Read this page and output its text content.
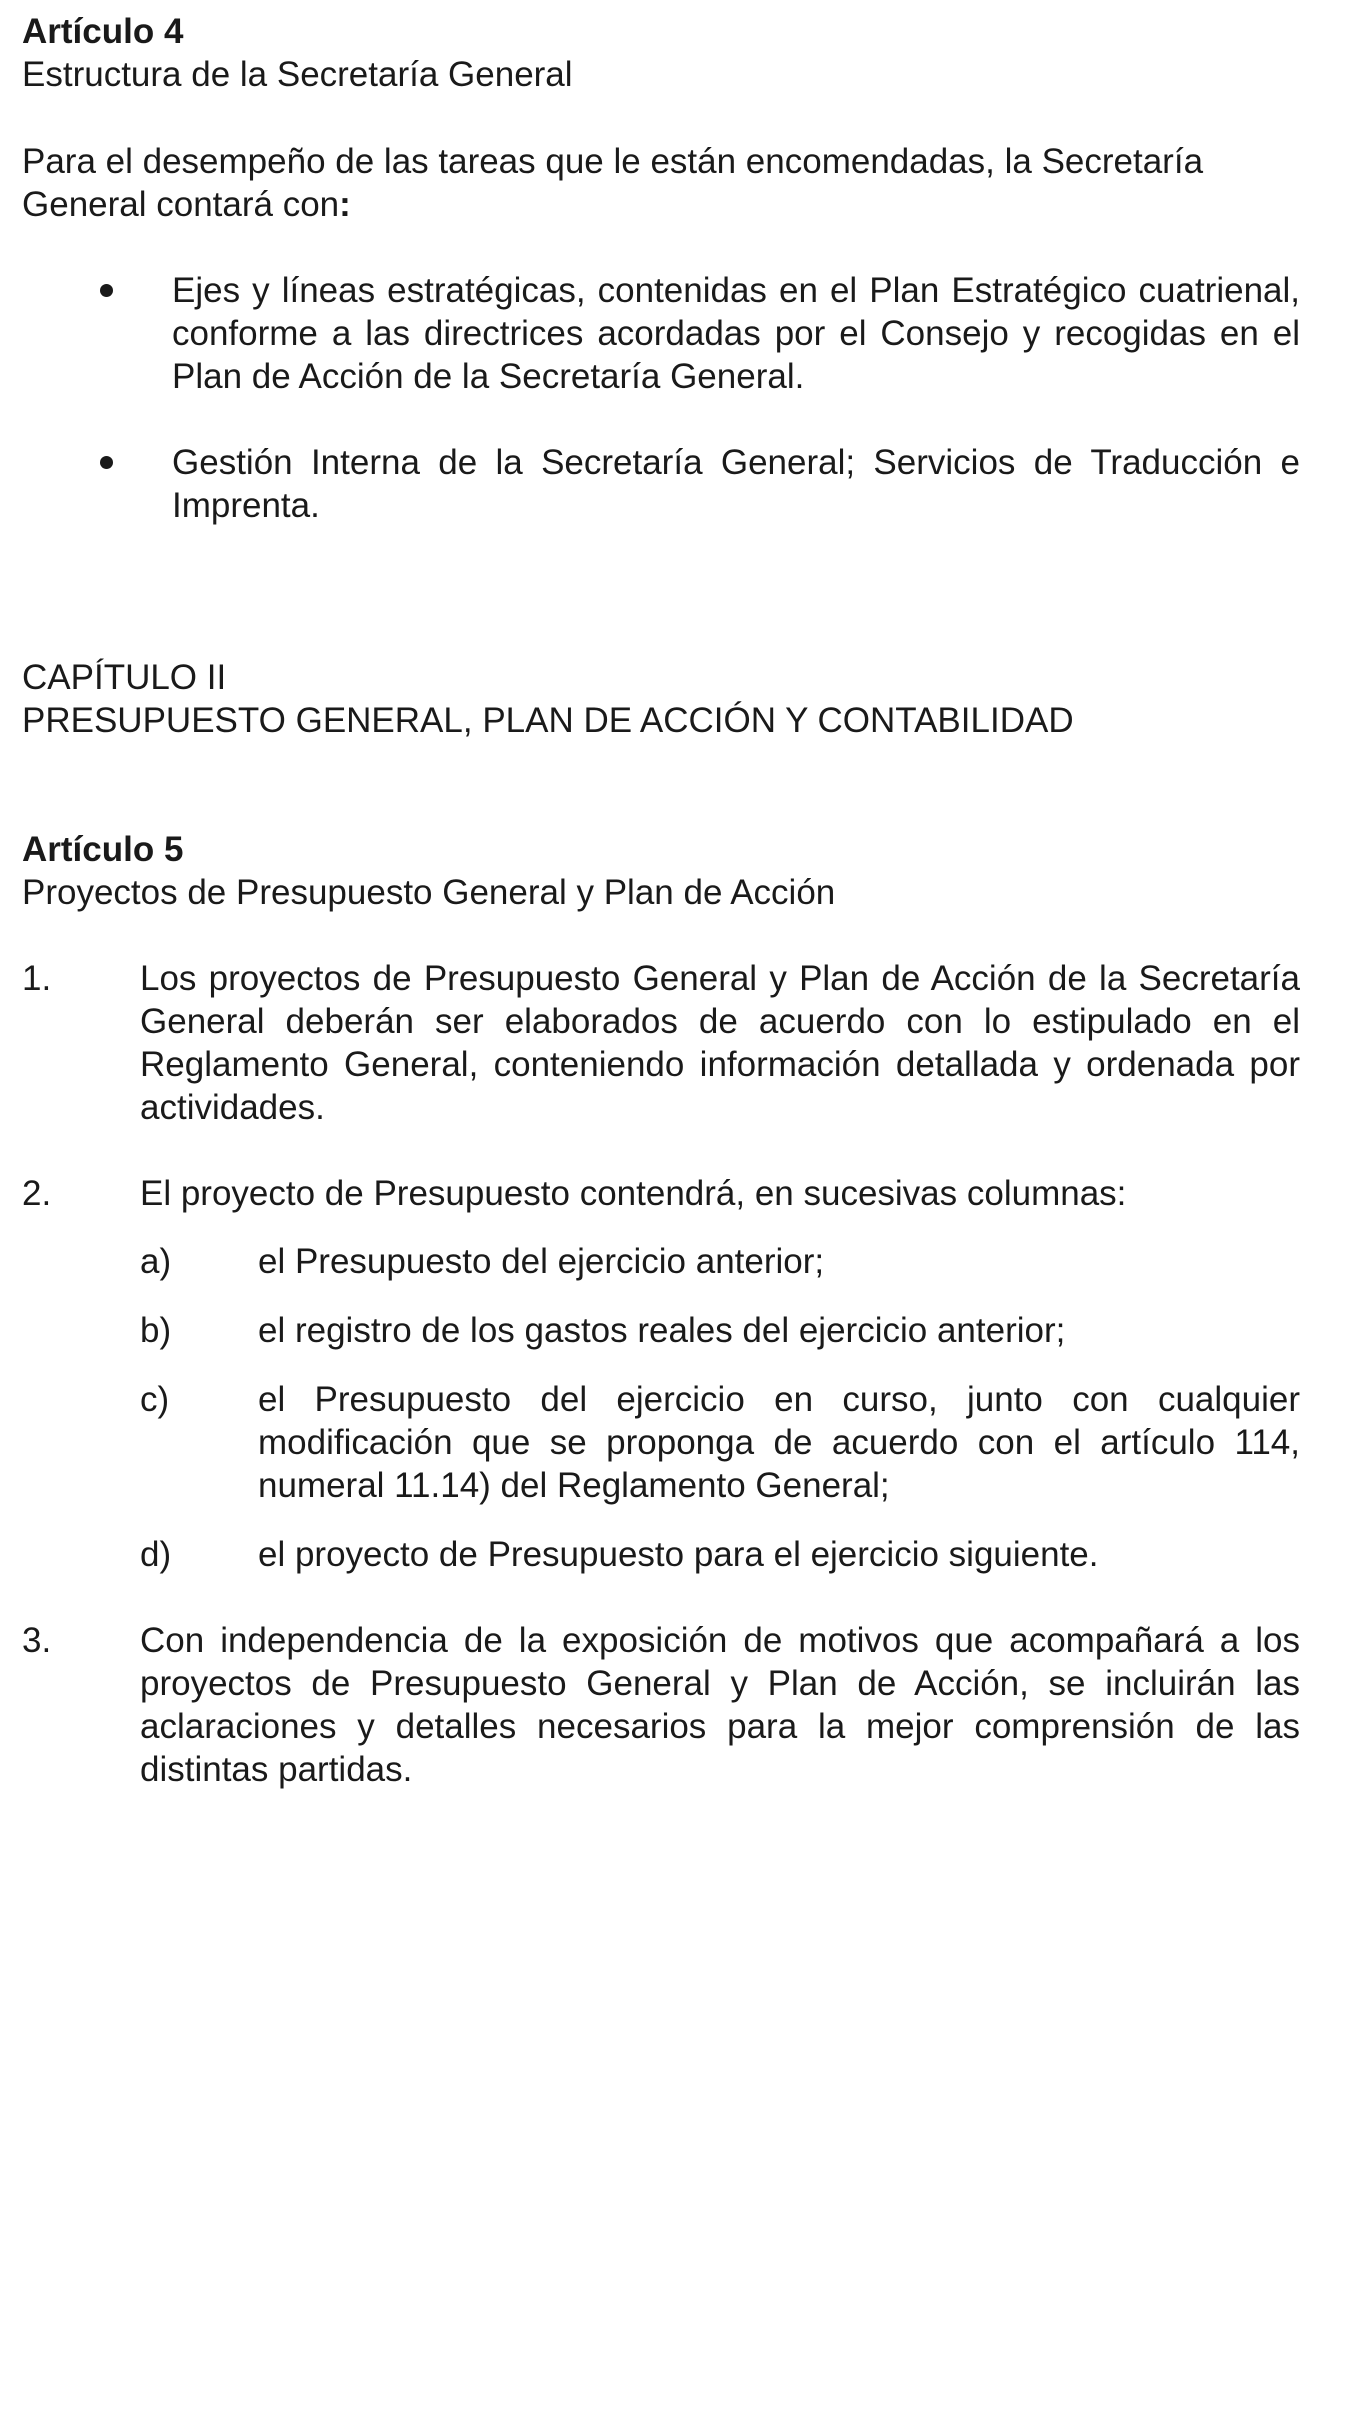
Artículo 4

Estructura de la Secretaría General

Para el desempeño de las tareas que le están encomendadas, la Secretaría General contará con:

Ejes y líneas estratégicas, contenidas en el Plan Estratégico cuatrienal, conforme a las directrices acordadas por el Consejo y recogidas en el Plan de Acción de la Secretaría General.
Gestión Interna de la Secretaría General; Servicios de Traducción e Imprenta.

CAPÍTULO II

PRESUPUESTO GENERAL, PLAN DE ACCIÓN Y CONTABILIDAD

Artículo 5

Proyectos de Presupuesto General y Plan de Acción

1.	Los proyectos de Presupuesto General y Plan de Acción de la Secretaría General deberán ser elaborados de acuerdo con lo estipulado en el Reglamento General, conteniendo información detallada y ordenada por actividades.
2.	El proyecto de Presupuesto contendrá, en sucesivas columnas:
a) el Presupuesto del ejercicio anterior;
b) el registro de los gastos reales del ejercicio anterior;
c)	el Presupuesto del ejercicio en curso, junto con cualquier modificación que se proponga de acuerdo con el artículo 114, numeral 11.14) del Reglamento General;
d) el proyecto de Presupuesto para el ejercicio siguiente.
3.	Con independencia de la exposición de motivos que acompañará a los proyectos de Presupuesto General y Plan de Acción, se incluirán las aclaraciones y detalles necesarios para la mejor comprensión de las distintas partidas.
